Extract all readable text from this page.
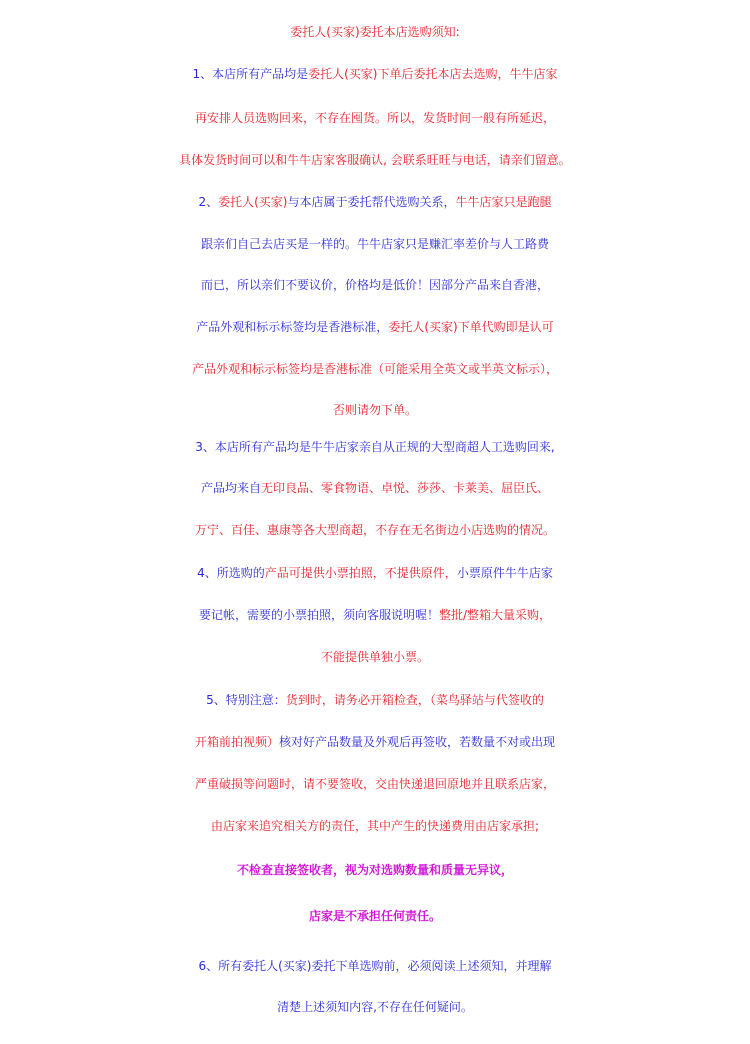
委托人(买家)委托本店选购须知:
1、本店所有产品均是委托人(买家)下单后委托本店去选购，牛牛店家
再安排人员选购回来，不存在囤货。所以，发货时间一般有所延迟，
具体发货时间可以和牛牛店家客服确认, 会联系旺旺与电话，请亲们留意。
2、委托人(买家)与本店属于委托帮代选购关系，牛牛店家只是跑腿
跟亲们自己去店买是一样的。牛牛店家只是赚汇率差价与人工路费
而已，所以亲们不要议价，价格均是低价！因部分产品来自香港，
产品外观和标示标签均是香港标准，委托人(买家)下单代购即是认可
产品外观和标示标签均是香港标准（可能采用全英文或半英文标示），
否则请勿下单。
3、本店所有产品均是牛牛店家亲自从正规的大型商超人工选购回来,
产品均来自无印良品、零食物语、卓悦、莎莎、卡莱美、屈臣氏、
万宁、百佳、惠康等各大型商超，不存在无名街边小店选购的情况。
4、所选购的产品可提供小票拍照，不提供原件，小票原件牛牛店家
要记帐，需要的小票拍照，须向客服说明喔！整批/整箱大量采购，
不能提供单独小票。
5、特别注意：货到时，请务必开箱检查，（菜鸟驿站与代签收的
开箱前拍视频）核对好产品数量及外观后再签收，若数量不对或出现
严重破损等问题时，请不要签收，交由快递退回原地并且联系店家，
由店家来追究相关方的责任，其中产生的快递费用由店家承担;
不检查直接签收者，视为对选购数量和质量无异议，
店家是不承担任何责任。
6、所有委托人(买家)委托下单选购前，必须阅读上述须知，并理解
清楚上述须知内容,不存在任何疑问。
